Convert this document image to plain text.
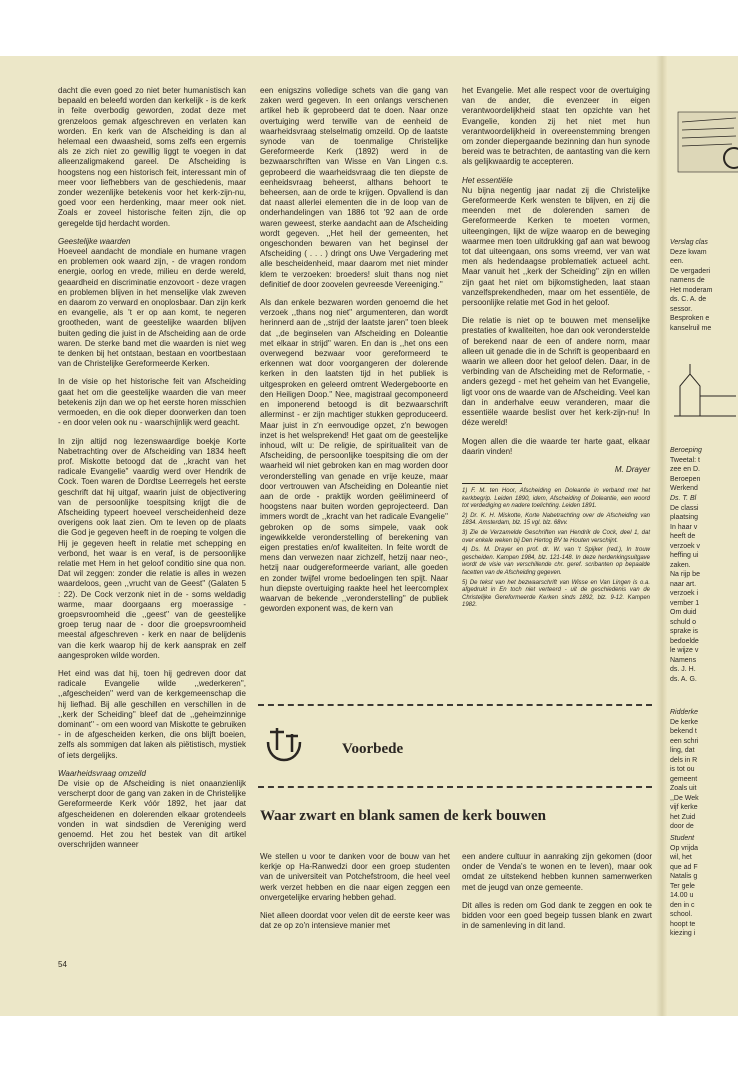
dacht die even goed zo niet beter humanistisch kan bepaald en beleefd worden dan kerkelijk - is de kerk in feite overbodig geworden, zodat deze met grenzeloos gemak afgeschreven en verlaten kan worden. En kerk van de Afscheiding is dan al helemaal een dwaasheid, soms zelfs een ergernis als ze zich niet zo gewillig liggt te voegen in dat alleenzaligmakend gareel. De Afscheiding is hoogstens nog een historisch feit, interessant min of meer voor liefhebbers van de geschiedenis, maar zonder wezenlijke betekenis voor het kerk-zijn-nu, goed voor een herdenking, maar meer ook niet. Zoals er zoveel historische feiten zijn, die op geregelde tijd herdacht worden.

Geestelijke waarden

Hoeveel aandacht de mondiale en humane vragen en problemen ook waard zijn, - de vragen rondom energie, oorlog en vrede, milieu en derde wereld, geaardheid en discriminatie enzovoort - deze vragen en problemen blijven in het menselijke vlak zweven en daarom zo verward en onoplosbaar. Dan zijn kerk en evangelie, als 't er op aan komt, te negeren grootheden, want de geestelijke waarden blijven buiten geding die juist in de Afscheiding aan de orde waren. De sterke band met die waarden is niet weg te denken bij het ontstaan, bestaan en voortbestaan van de Christelijke Gereformeerde Kerken.

In de visie op het historische feit van Afscheiding gaat het om die geestelijke waarden die van meer betekenis zijn dan we op het eerste horen misschien vermoeden, en die ook dieper doorwerken dan toen - en door velen ook nu - waarschijnlijk werd geacht.

In zijn altijd nog lezenswaardige boekje Korte Nabetrachting over de Afscheiding van 1834 heeft prof. Miskotte betoogd dat de ,,kracht van het radicale Evangelie'' vaardig werd over Hendrik de Cock. Toen waren de Dordtse Leerregels het eerste geschrift dat hij uitgaf, waarin juist de objectivering van de persoonlijke toespitsing krijgt die de Afscheiding typeert hoeveel verscheidenheid deze overigens ook laat zien. Om te leven op de plaats die God je gegeven heeft in de roeping te volgen die Hij je gegeven heeft in relatie met schepping en verbond, het waar is en veraf, is de persoonlijke relatie met Hem in het geloof conditio sine qua non. Dat wil zeggen: zonder die relatie is alles in wezen waardeloos, geen ,,vrucht van de Geest'' (Galaten 5 : 22). De Cock verzonk niet in de - soms weldadig warme, maar doorgaans erg moerassige - groepsvroomheid die ,,geest'' van de geestelijke groep terug naar de - door die groepsvroomheid meestal afgeschreven - kerk en naar de belijdenis van die kerk waarop hij de kerk aansprak en zelf aangesproken wilde worden.

Het eind was dat hij, toen hij gedreven door dat radicale Evangelie wilde ,,wederkeren'', ,,afgescheiden'' werd van de kerkgemeenschap die hij liefhad. Bij alle geschillen en verschillen in de ,,kerk der Scheiding'' bleef dat de ,,geheimzinnige dominant'' - om een woord van Miskotte te gebruiken - in de afgescheiden kerken, die ons blijft boeien, zelfs als sommigen dat laken als piëtistisch, mystiek of iets dergelijks.

Waarheidsvraag omzeild

De visie op de Afscheiding is niet onaanzienlijk verscherpt door de gang van zaken in de Christelijke Gereformeerde Kerk vóór 1892, het jaar dat afgescheidenen en dolerenden elkaar grotendeels vonden in wat sindsdien de Vereniging werd genoemd. Het zou het bestek van dit artikel overschrijden wanneer

een enigszins volledige schets van die gang van zaken werd gegeven. In een onlangs verschenen artikel heb ik geprobeerd dat te doen. Naar onze overtuiging werd terwille van de eenheid de waarheidsvraag stelselmatig omzeild. Op de laatste synode van de toenmalige Christelijke Gereformeerde Kerk (1892) werd in de bezwaarschriften van Wisse en Van Lingen c.s. geprobeerd die waarheidsvraag die ten diepste de eenheidsvraag beheerst, althans behoort te beheersen, aan de orde te krijgen. Opvallend is dan dat naast allerlei elementen die in de loop van de onderhandelingen van 1886 tot '92 aan de orde waren geweest, sterke aandacht aan de Afscheiding wordt gegeven. ,,Het heil der gemeenten, het ongeschonden bewaren van het beginsel der Afscheiding ( . . . ) dringt ons Uwe Vergadering met alle bescheidenheid, maar daarom met niet minder klem te verzoeken: broeders! sluit thans nog niet definitief de door zoovelen gevreesde Vereeniging.''

Als dan enkele bezwaren worden genoemd die het verzoek ,,thans nog niet'' argumenteren, dan wordt herinnerd aan de ,,strijd der laatste jaren'' toen bleek dat ,,de beginselen van Afscheiding en Doleantie met elkaar in strijd'' waren. En dan is ,,het ons een overwegend bezwaar voor gereformeerd te erkennen wat door voorgangeren der dolerende kerken in den laatsten tijd in het publiek is uitgesproken en geleerd omtrent Wedergeboorte en den Heiligen Doop.'' Nee, magistraal gecomponeerd en imponerend betoogd is dit bezwaarschrift allerminst - er zijn machtiger stukken geproduceerd. Maar juist in z'n eenvoudige opzet, z'n bewogen inzet is het welsprekend! Het gaat om de geestelijke inhoud, wilt u: De religie, de spiritualiteit van de Afscheiding, de persoonlijke toespitsing die om der waarheid wil niet gebroken kan en mag worden door veronderstelling van genade en vrije keuze, maar door vertrouwen van Afscheiding en Doleantie niet aan de orde - praktijk worden geëlimineerd of hoogstens naar buiten worden geprojecteerd. Dan immers wordt de ,,kracht van het radicale Evangelie'' gebroken op de soms simpele, vaak ook ingewikkelde veronderstelling of berekening van eigen prestaties en/of kwaliteiten. In feite wordt de mens dan verwezen naar zichzelf, hetzij naar neo-, hetzij naar oudgereformeerde variant, alle goeden en zonder twijfel vrome bedoelingen ten spijt. Naar hun diepste overtuiging raakte heel het leercomplex waarvan de bekende ,,veronderstelling'' de publiek geworden exponent was, de kern van

het Evangelie. Met alle respect voor de overtuiging van de ander, die evenzeer in eigen verantwoordelijkheid staat ten opzichte van het Evangelie, konden zij het niet met hun verantwoordelijkheid in overeenstemming brengen om zonder diepergaande bezinning dan hun synode bereid was te betrachten, de aantasting van die kern als gelijkwaardig te accepteren.

Het essentiële

Nu bijna negentig jaar nadat zij die Christelijke Gereformeerde Kerk wensten te blijven, en zij die meenden met de dolerenden samen de Gereformeerde Kerken te moeten vormen, uiteengingen, lijkt de wijze waarop en de beweging waarmee men toen uitdrukking gaf aan wat bewoog tot dat uiteengaan, ons soms vreemd, ver van wat men als hedendaagse problematiek actueel acht. Maar vanuit het ,,kerk der Scheiding'' zijn en willen zijn gaat het niet om bijkomstigheden, laat staan vanzelfsprekendheden, maar om het essentiële, de persoonlijke relatie met God in het geloof.

Die relatie is niet op te bouwen met menselijke prestaties of kwaliteiten, hoe dan ook veronderstelde of berekend naar de een of andere norm, maar alleen uit genade die in de Schrift is geopenbaard en waarin we alleen door het geloof delen. Daar, in de verbinding van de Afscheiding met de Reformatie, - anders gezegd - met het geheim van het Evangelie, ligt voor ons de waarde van de Afscheiding. Veel kan dan in anderhalve eeuw veranderen, maar die essentiële waarde beslist over het kerk-zijn-nu! In déze wereld!

Mogen allen die die waarde ter harte gaat, elkaar daarin vinden!

M. Drayer

1) F. M. ten Hoor, Afscheiding en Doleantie in verband met het kerkbegrip. Leiden 1890, idem, Afscheiding of Doleantie, een woord tot verdediging en nadere toelichting. Leiden 1891.
2) Dr. K. H. Miskotte, Korte Nabetrachting over de Afscheiding van 1834. Amsterdam, blz. 15 vgl. blz. 68vv.
3) Zie de Verzamelde Geschriften van Hendrik de Cock, deel 1, dat over enkele weken bij Den Hertog BV te Houten verschijnt.
4) Ds. M. Drayer en prof. dr. W. van 't Spijker (red.), In trouw gescheiden. Kampen 1984, blz. 121-148. In deze herdenkingsuitgave wordt de visie van verschillende chr. geref. scribanten op bepaalde facetten van de Afscheiding gegeven.
5) De tekst van het bezwaarschrift van Wisse en Van Lingen is o.a. afgedrukt in En toch niet verteerd - uit de geschiedenis van de Christelijke Gereformeerde Kerken sinds 1892, blz. 9-12. Kampen 1982.
Voorbede
Waar zwart en blank samen de kerk bouwen

We stellen u voor te danken voor de bouw van het kerkje op Ha-Ranwedzi door een groep studenten van de universiteit van Potchefstroom, die heel veel werk verzet hebben en die naar eigen zeggen een onvergetelijke ervaring hebben gehad.

Niet alleen doordat voor velen dit de eerste keer was dat ze op zo'n intensieve manier met

een andere cultuur in aanraking zijn gekomen (door onder de Venda's te wonen en te leven), maar ook omdat ze uitstekend hebben kunnen samenwerken met de jeugd van onze gemeente.

Dit alles is reden om God dank te zeggen en ook te bidden voor een goed begeip tussen blank en zwart in de samenleving in dit land.

54
Verslag clas
Deze kwam
een.
De vergaderi
namens de
Het moderam
ds. C. A. de
sessor.
Besproken e
kanselruil me
Beroeping
Tweetal: t
zee en D.
Beroepen
Werkend
Ds. T. Bl
De classi
plaatsing
In haar v
heeft de
verzoek v
heffing ui
zaken.
Na rijp be
naar art.
verzoek i
vember 1
Om duid
schuld o
sprake is
bedoelde
le wijze v
Namens
ds. J. H.
ds. A. G.
Ridderke
De kerke
bekend t
een schri
ling, dat
dels in R
is tot ou
gemeent
Zoals uit
,,De Wek
vijf kerke
het Zuid
door de
Student
Op vrijda
wil, het
que ad F
Natalis g
Ter gele
14.00 u
den in c
school.
hoopt te
kiezing i
